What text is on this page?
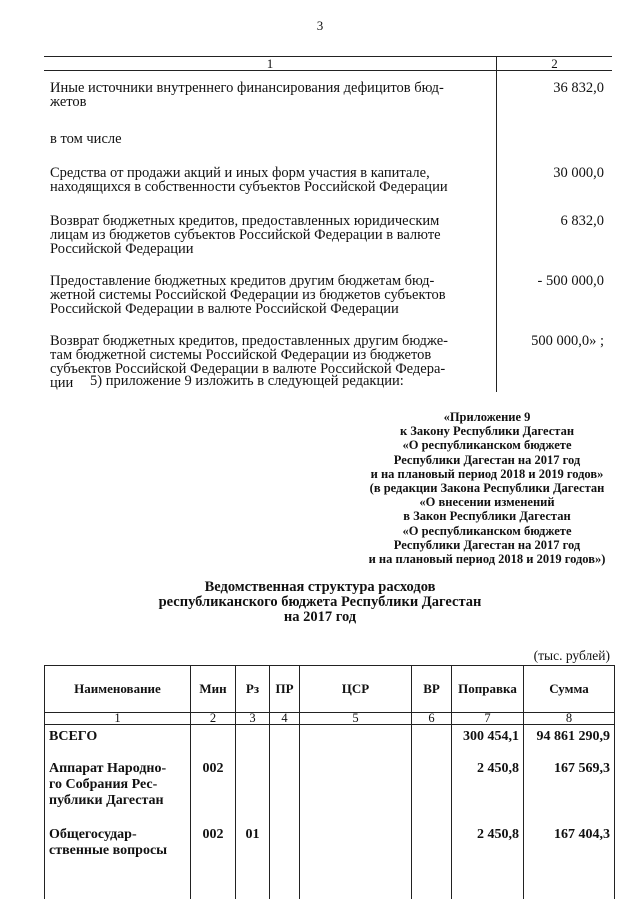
3
1	2
Иные источники внутреннего финансирования дефицитов бюд-
жетов	36 832,0
в том числе	
Средства от продажи акций и иных форм участия в капитале,
находящихся в собственности субъектов Российской Федерации	30 000,0
Возврат бюджетных кредитов, предоставленных юридическим
лицам из бюджетов субъектов Российской Федерации в валюте
Российской Федерации	6 832,0
Предоставление бюджетных кредитов другим бюджетам бюд-
жетной системы Российской Федерации из бюджетов субъектов
Российской Федерации в валюте Российской Федерации	- 500 000,0
Возврат бюджетных кредитов, предоставленных другим бюдже-
там бюджетной системы Российской Федерации из бюджетов
субъектов Российской Федерации в валюте Российской Федера-
ции	500 000,0» ;
5) приложение 9 изложить в следующей редакции:
«Приложение 9
к Закону Республики Дагестан
«О республиканском бюджете
Республики Дагестан на 2017 год
и на плановый период 2018 и 2019 годов»
(в редакции Закона Республики Дагестан
«О внесении изменений
в Закон Республики Дагестан
«О республиканском бюджете
Республики Дагестан на 2017 год
и на плановый период 2018 и 2019 годов»)
Ведомственная структура расходов
республиканского бюджета Республики Дагестан
на 2017 год
(тыс. рублей)
Наименование	Мин	Рз	ПР	ЦСР	ВР	Поправка	Сумма
1	2	3	4	5	6	7	8
ВСЕГО						300 454,1	94 861 290,9
Аппарат Народно-
го Собрания Рес-
публики Дагестан	002					2 450,8	167 569,3
Общегосудар-
ственные вопросы	002	01				2 450,8	167 404,3
